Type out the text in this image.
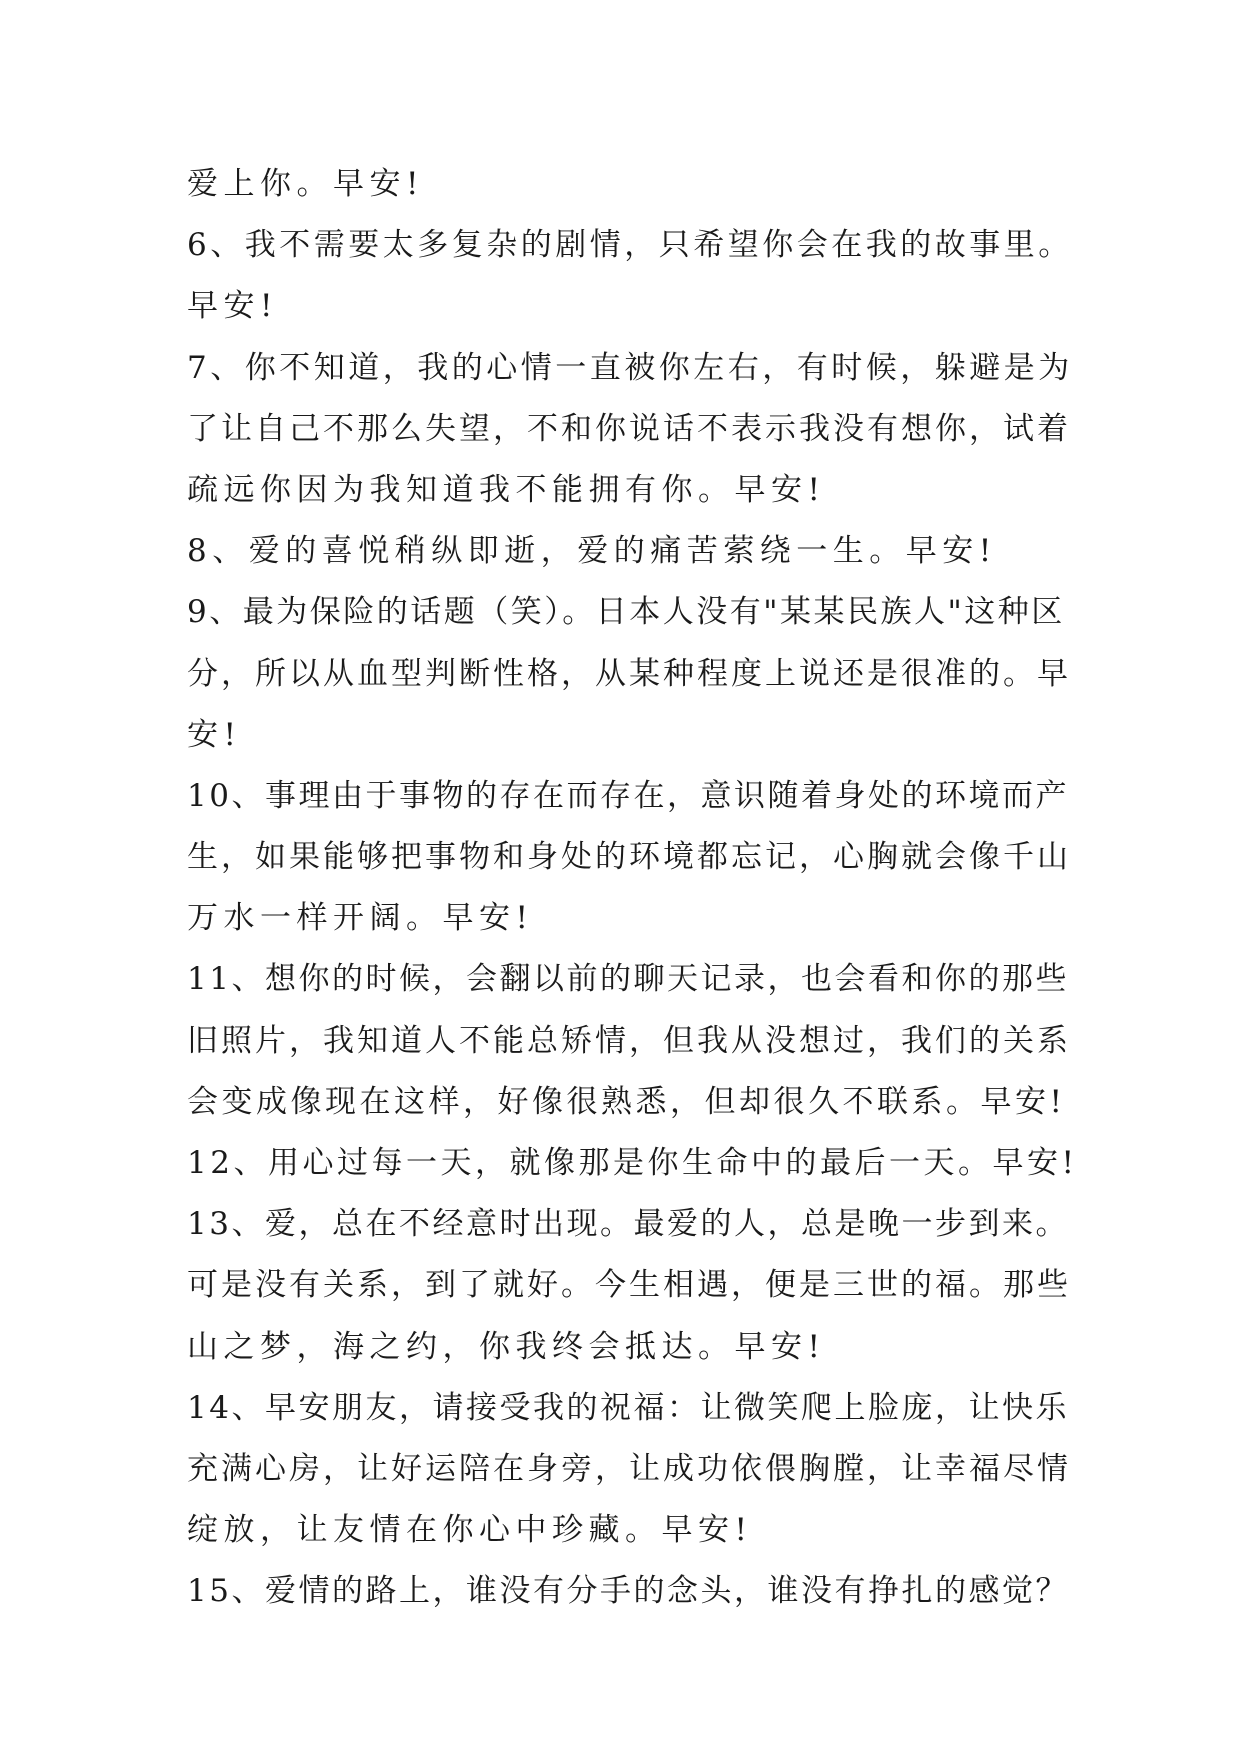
爱上你。早安!
6、我不需要太多复杂的剧情，只希望你会在我的故事里。
早安!
7、你不知道，我的心情一直被你左右，有时候，躲避是为
了让自己不那么失望，不和你说话不表示我没有想你，试着
疏远你因为我知道我不能拥有你。早安!
8、爱的喜悦稍纵即逝，爱的痛苦萦绕一生。早安!
9、最为保险的话题（笑）。日本人没有"某某民族人"这种区
分，所以从血型判断性格，从某种程度上说还是很准的。早
安!
10、事理由于事物的存在而存在，意识随着身处的环境而产
生，如果能够把事物和身处的环境都忘记，心胸就会像千山
万水一样开阔。早安!
11、想你的时候，会翻以前的聊天记录，也会看和你的那些
旧照片，我知道人不能总矫情，但我从没想过，我们的关系
会变成像现在这样，好像很熟悉，但却很久不联系。早安!
12、用心过每一天，就像那是你生命中的最后一天。早安!
13、爱，总在不经意时出现。最爱的人，总是晚一步到来。
可是没有关系，到了就好。今生相遇，便是三世的福。那些
山之梦，海之约，你我终会抵达。早安!
14、早安朋友，请接受我的祝福：让微笑爬上脸庞，让快乐
充满心房，让好运陪在身旁，让成功依偎胸膛，让幸福尽情
绽放，让友情在你心中珍藏。早安!
15、爱情的路上，谁没有分手的念头，谁没有挣扎的感觉？
